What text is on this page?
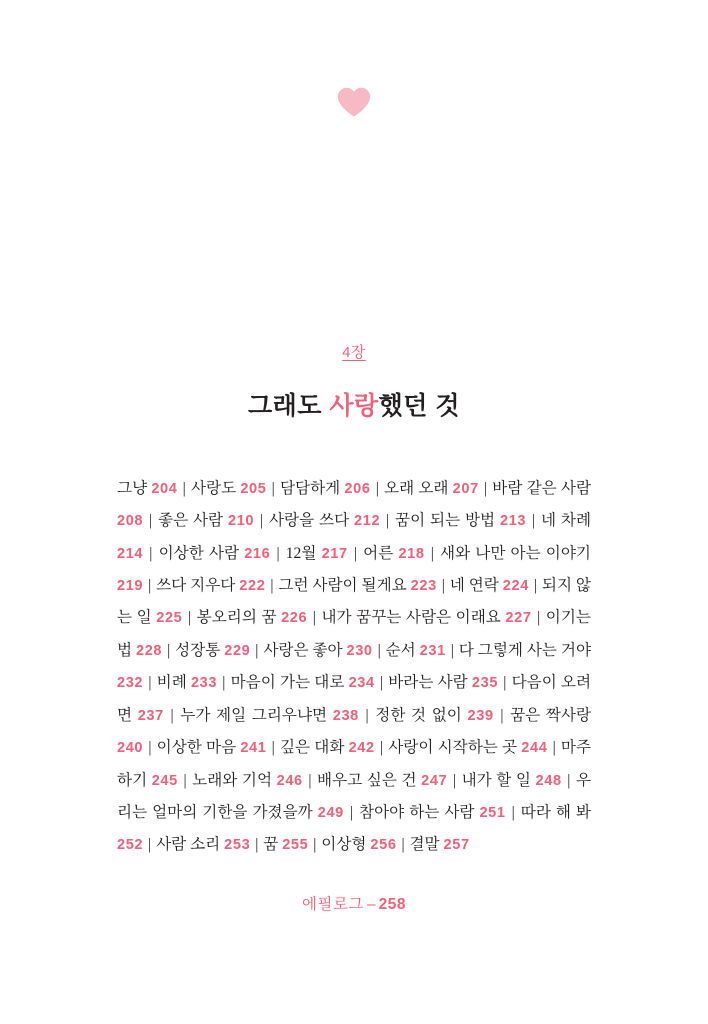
4장
그래도 사랑했던 것
그냥 204 | 사랑도 205 | 담담하게 206 | 오래 오래 207 | 바람 같은 사람 208 | 좋은 사람 210 | 사랑을 쓰다 212 | 꿈이 되는 방법 213 | 네 차례 214 | 이상한 사람 216 | 12월 217 | 어른 218 | 새와 나만 아는 이야기 219 | 쓰다 지우다 222 | 그런 사람이 될게요 223 | 네 연락 224 | 되지 않는 일 225 | 봉오리의 꿈 226 | 내가 꿈꾸는 사람은 이래요 227 | 이기는 법 228 | 성장통 229 | 사랑은 좋아 230 | 순서 231 | 다 그렇게 사는 거야 232 | 비례 233 | 마음이 가는 대로 234 | 바라는 사람 235 | 다음이 오려면 237 | 누가 제일 그리우냐면 238 | 정한 것 없이 239 | 꿈은 짝사랑 240 | 이상한 마음 241 | 깊은 대화 242 | 사랑이 시작하는 곳 244 | 마주하기 245 | 노래와 기억 246 | 배우고 싶은 건 247 | 내가 할 일 248 | 우리는 얼마의 기한을 가졌을까 249 | 참아야 하는 사람 251 | 따라 해 봐 252 | 사람 소리 253 | 꿈 255 | 이상형 256 | 결말 257
에필로그 – 258
